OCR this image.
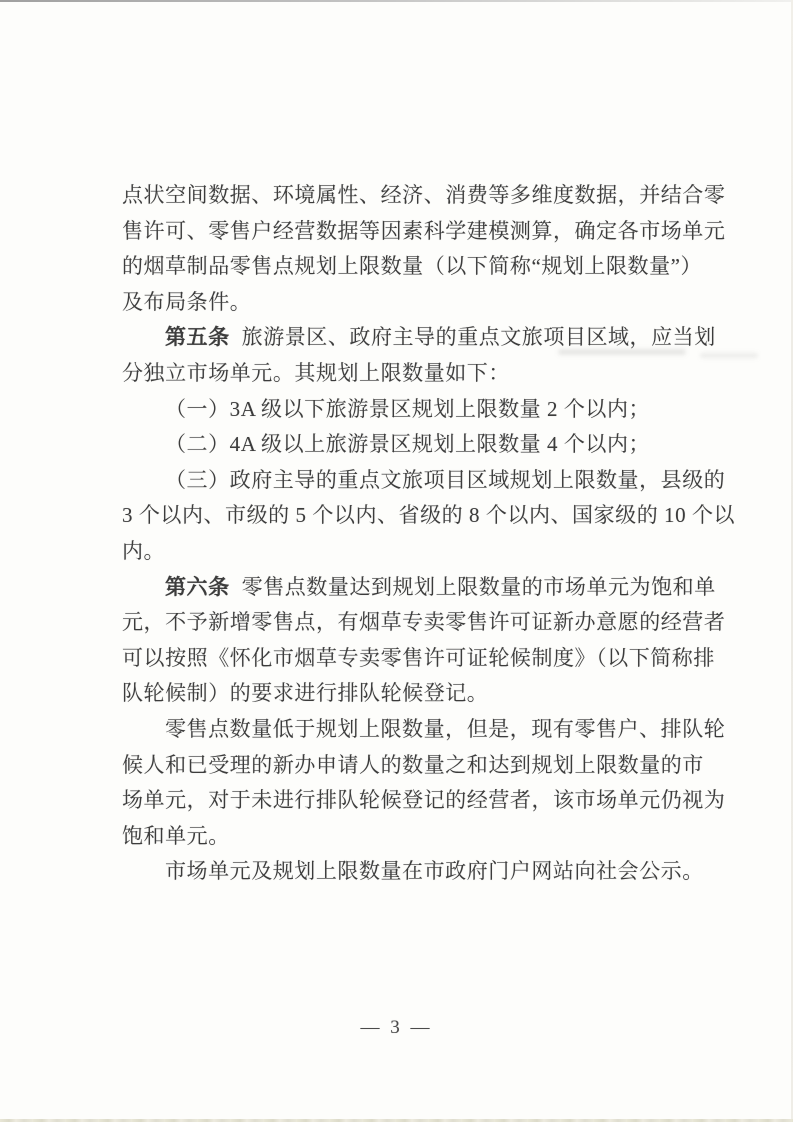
点状空间数据、环境属性、经济、消费等多维度数据，并结合零
售许可、零售户经营数据等因素科学建模测算，确定各市场单元
的烟草制品零售点规划上限数量（以下简称“规划上限数量”）
及布局条件。
第五条 旅游景区、政府主导的重点文旅项目区域，应当划
分独立市场单元。其规划上限数量如下：
（一）3A 级以下旅游景区规划上限数量 2 个以内；
（二）4A 级以上旅游景区规划上限数量 4 个以内；
（三）政府主导的重点文旅项目区域规划上限数量，县级的
3 个以内、市级的 5 个以内、省级的 8 个以内、国家级的 10 个以
内。
第六条 零售点数量达到规划上限数量的市场单元为饱和单
元，不予新增零售点，有烟草专卖零售许可证新办意愿的经营者
可以按照《怀化市烟草专卖零售许可证轮候制度》（以下简称排
队轮候制）的要求进行排队轮候登记。
零售点数量低于规划上限数量，但是，现有零售户、排队轮
候人和已受理的新办申请人的数量之和达到规划上限数量的市
场单元，对于未进行排队轮候登记的经营者，该市场单元仍视为
饱和单元。
市场单元及规划上限数量在市政府门户网站向社会公示。
— 3 —
